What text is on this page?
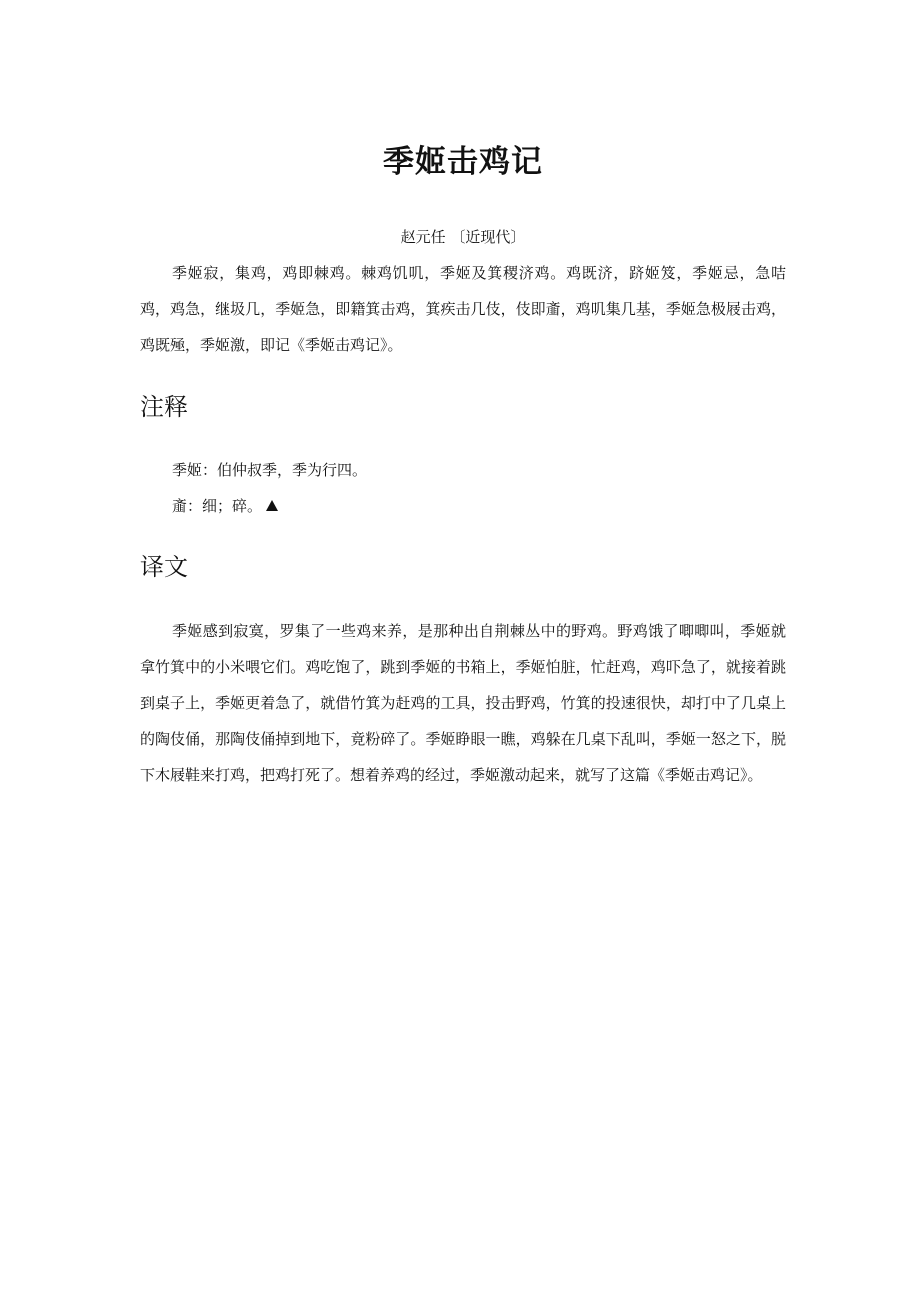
季姬击鸡记
赵元任 〔近现代〕

季姬寂，集鸡，鸡即棘鸡。棘鸡饥叽，季姬及箕稷济鸡。鸡既济，跻姬笈，季姬忌，急咭鸡，鸡急，继圾几，季姬急，即籍箕击鸡，箕疾击几伎，伎即齑，鸡叽集几基，季姬急极屐击鸡，鸡既殛，季姬激，即记《季姬击鸡记》。

注释
季姬：伯仲叔季，季为行四。
齑：细；碎。
译文

季姬感到寂寞，罗集了一些鸡来养，是那种出自荆棘丛中的野鸡。野鸡饿了唧唧叫，季姬就拿竹箕中的小米喂它们。鸡吃饱了，跳到季姬的书箱上，季姬怕脏，忙赶鸡，鸡吓急了，就接着跳到桌子上，季姬更着急了，就借竹箕为赶鸡的工具，投击野鸡，竹箕的投速很快，却打中了几桌上的陶伎俑，那陶伎俑掉到地下，竟粉碎了。季姬睁眼一瞧，鸡躲在几桌下乱叫，季姬一怒之下，脱下木屐鞋来打鸡，把鸡打死了。想着养鸡的经过，季姬激动起来，就写了这篇《季姬击鸡记》。
